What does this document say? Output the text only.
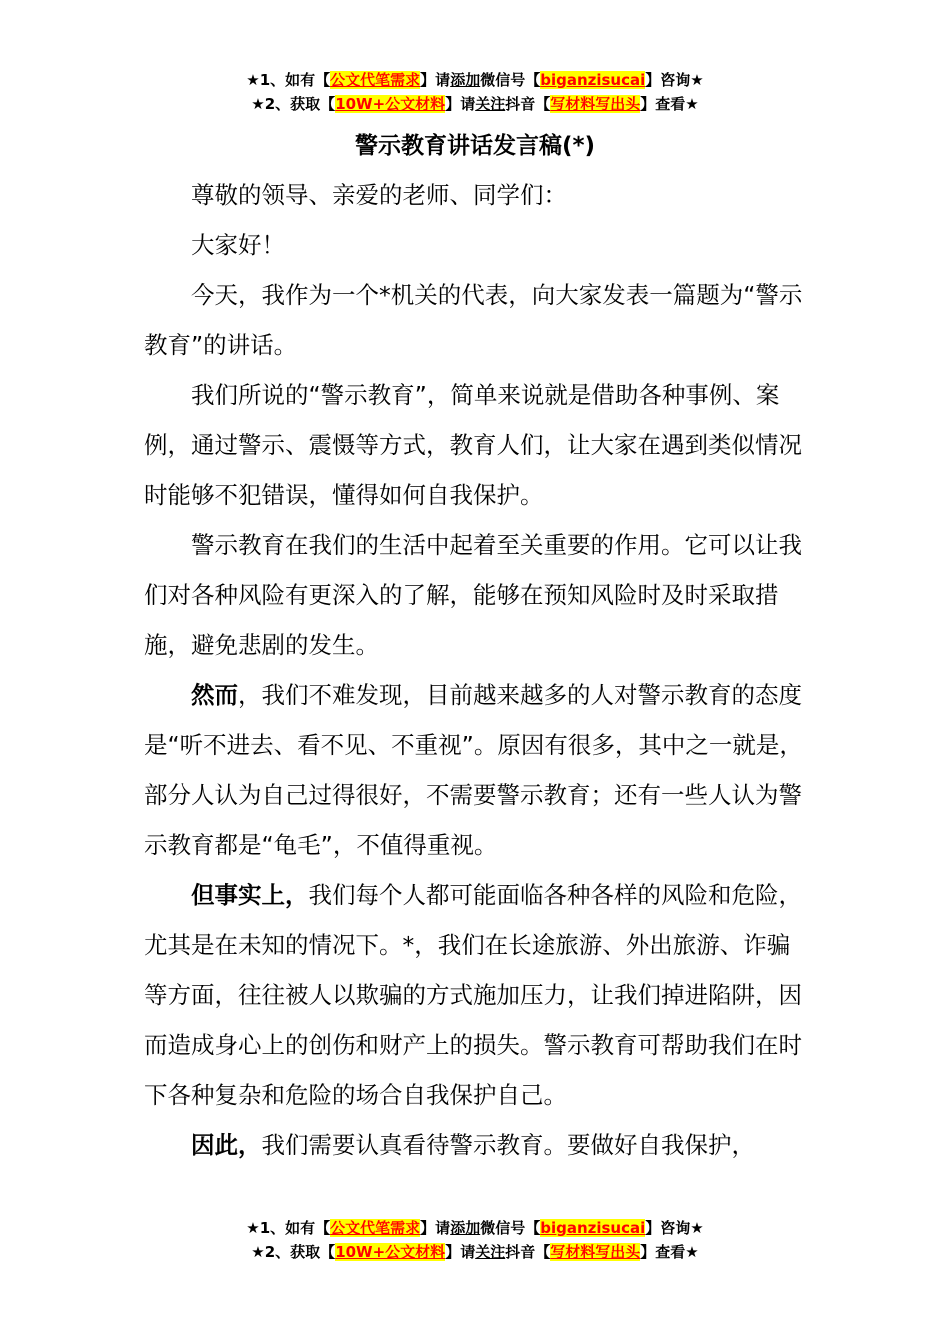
★1、如有【公文代笔需求】请添加微信号【biganzisucai】咨询★
★2、获取【10W+公文材料】请关注抖音【写材料写出头】查看★
警示教育讲话发言稿(*)

尊敬的领导、亲爱的老师、同学们：

大家好！

今天，我作为一个*机关的代表，向大家发表一篇题为“警示教育”的讲话。

我们所说的“警示教育”，简单来说就是借助各种事例、案例，通过警示、震慑等方式，教育人们，让大家在遇到类似情况时能够不犯错误，懂得如何自我保护。

警示教育在我们的生活中起着至关重要的作用。它可以让我们对各种风险有更深入的了解，能够在预知风险时及时采取措施，避免悲剧的发生。

然而，我们不难发现，目前越来越多的人对警示教育的态度是“听不进去、看不见、不重视”。原因有很多，其中之一就是，部分人认为自己过得很好，不需要警示教育；还有一些人认为警示教育都是“龟毛”，不值得重视。

但事实上，我们每个人都可能面临各种各样的风险和危险，尤其是在未知的情况下。*，我们在长途旅游、外出旅游、诈骗等方面，往往被人以欺骗的方式施加压力，让我们掉进陷阱，因而造成身心上的创伤和财产上的损失。警示教育可帮助我们在时下各种复杂和危险的场合自我保护自己。

因此，我们需要认真看待警示教育。要做好自我保护，

★1、如有【公文代笔需求】请添加微信号【biganzisucai】咨询★
★2、获取【10W+公文材料】请关注抖音【写材料写出头】查看★
